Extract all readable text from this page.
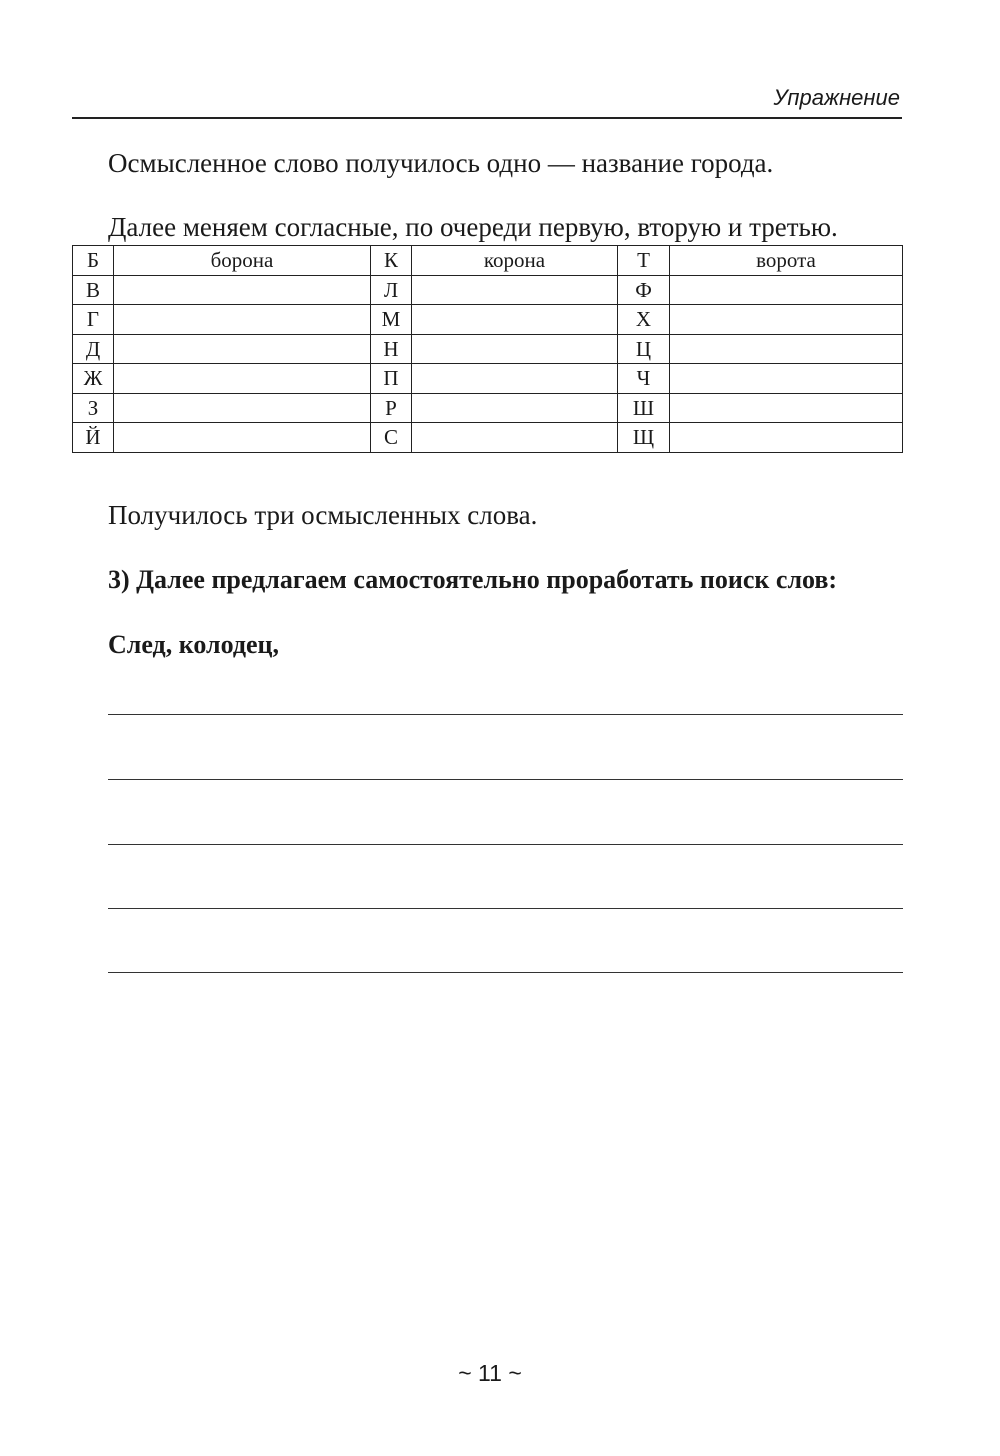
Упражнение
Осмысленное слово получилось одно — название города.
Далее меняем согласные, по очереди первую, вторую и третью.
Б	борона	К	корона	Т	ворота
В		Л		Ф	
Г		М		Х	
Д		Н		Ц	
Ж		П		Ч	
З		Р		Ш	
Й		С		Щ	
Получилось три осмысленных слова.
3) Далее предлагаем самостоятельно проработать поиск слов:
След, колодец,
~ 11 ~
